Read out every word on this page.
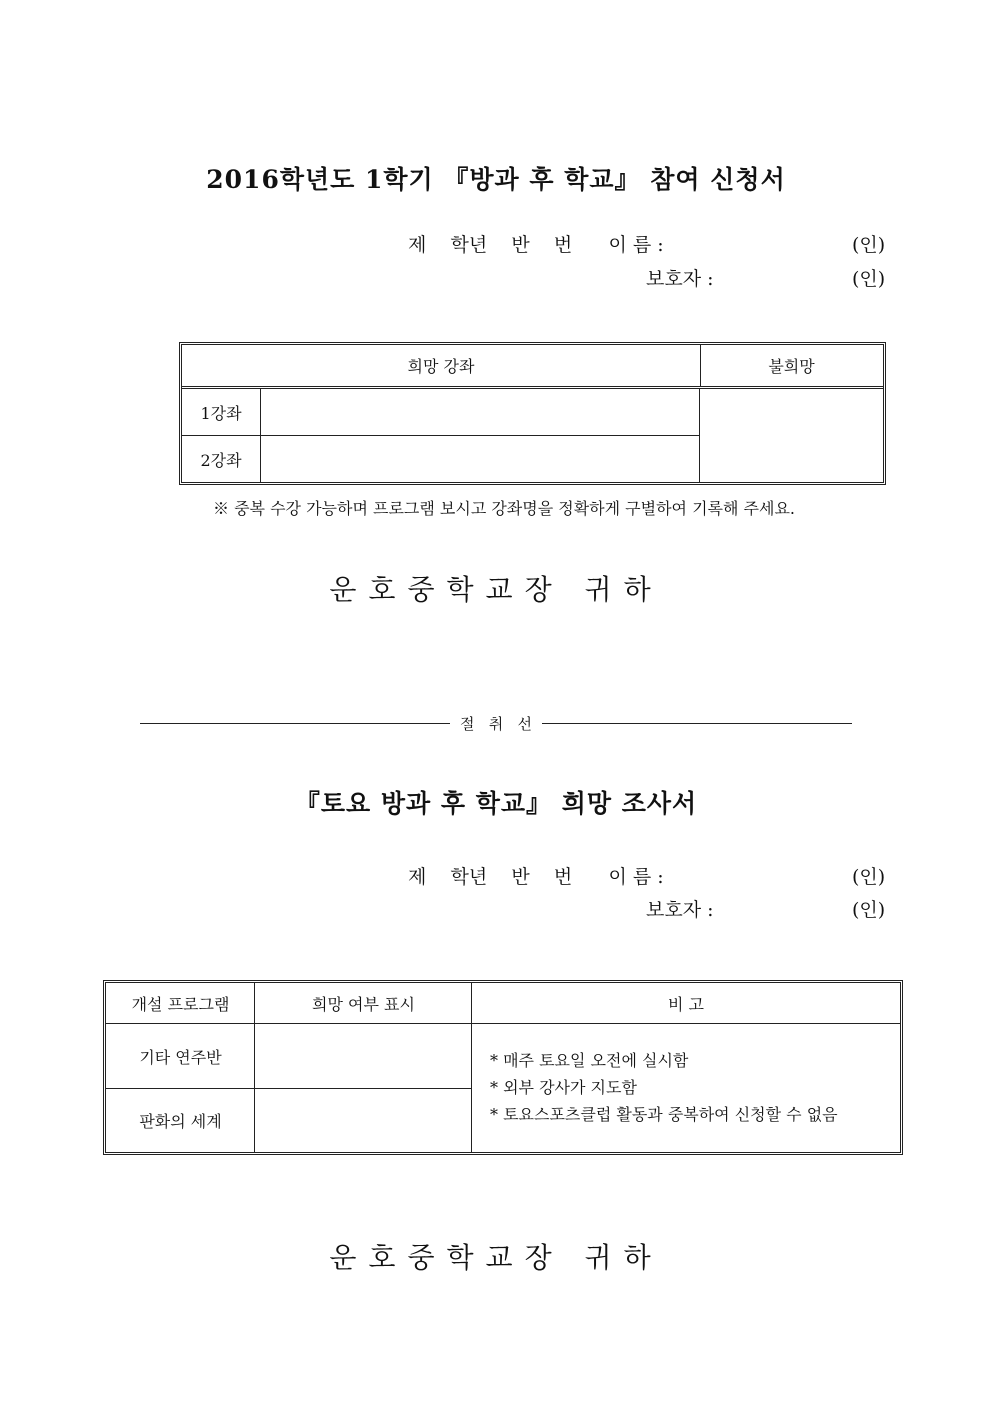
2016학년도 1학기 『방과 후 학교』 참여 신청서
제    학년    반    번      이 름 :	(인)
보호자 :	(인)
희망 강좌	불희망
1강좌
2강좌
※ 중복 수강 가능하며 프로그램 보시고 강좌명을 정확하게 구별하여 기록해 주세요.
운호중학교장 귀하
절   취   선
『토요 방과 후 학교』 희망 조사서
제    학년    반    번      이 름 :	(인)
보호자 :	(인)
개설 프로그램	희망 여부 표시	비 고
기타 연주반
판화의 세계
* 매주 토요일 오전에 실시함
* 외부 강사가 지도함
* 토요스포츠클럽 활동과 중복하여 신청할 수 없음
운호중학교장 귀하
